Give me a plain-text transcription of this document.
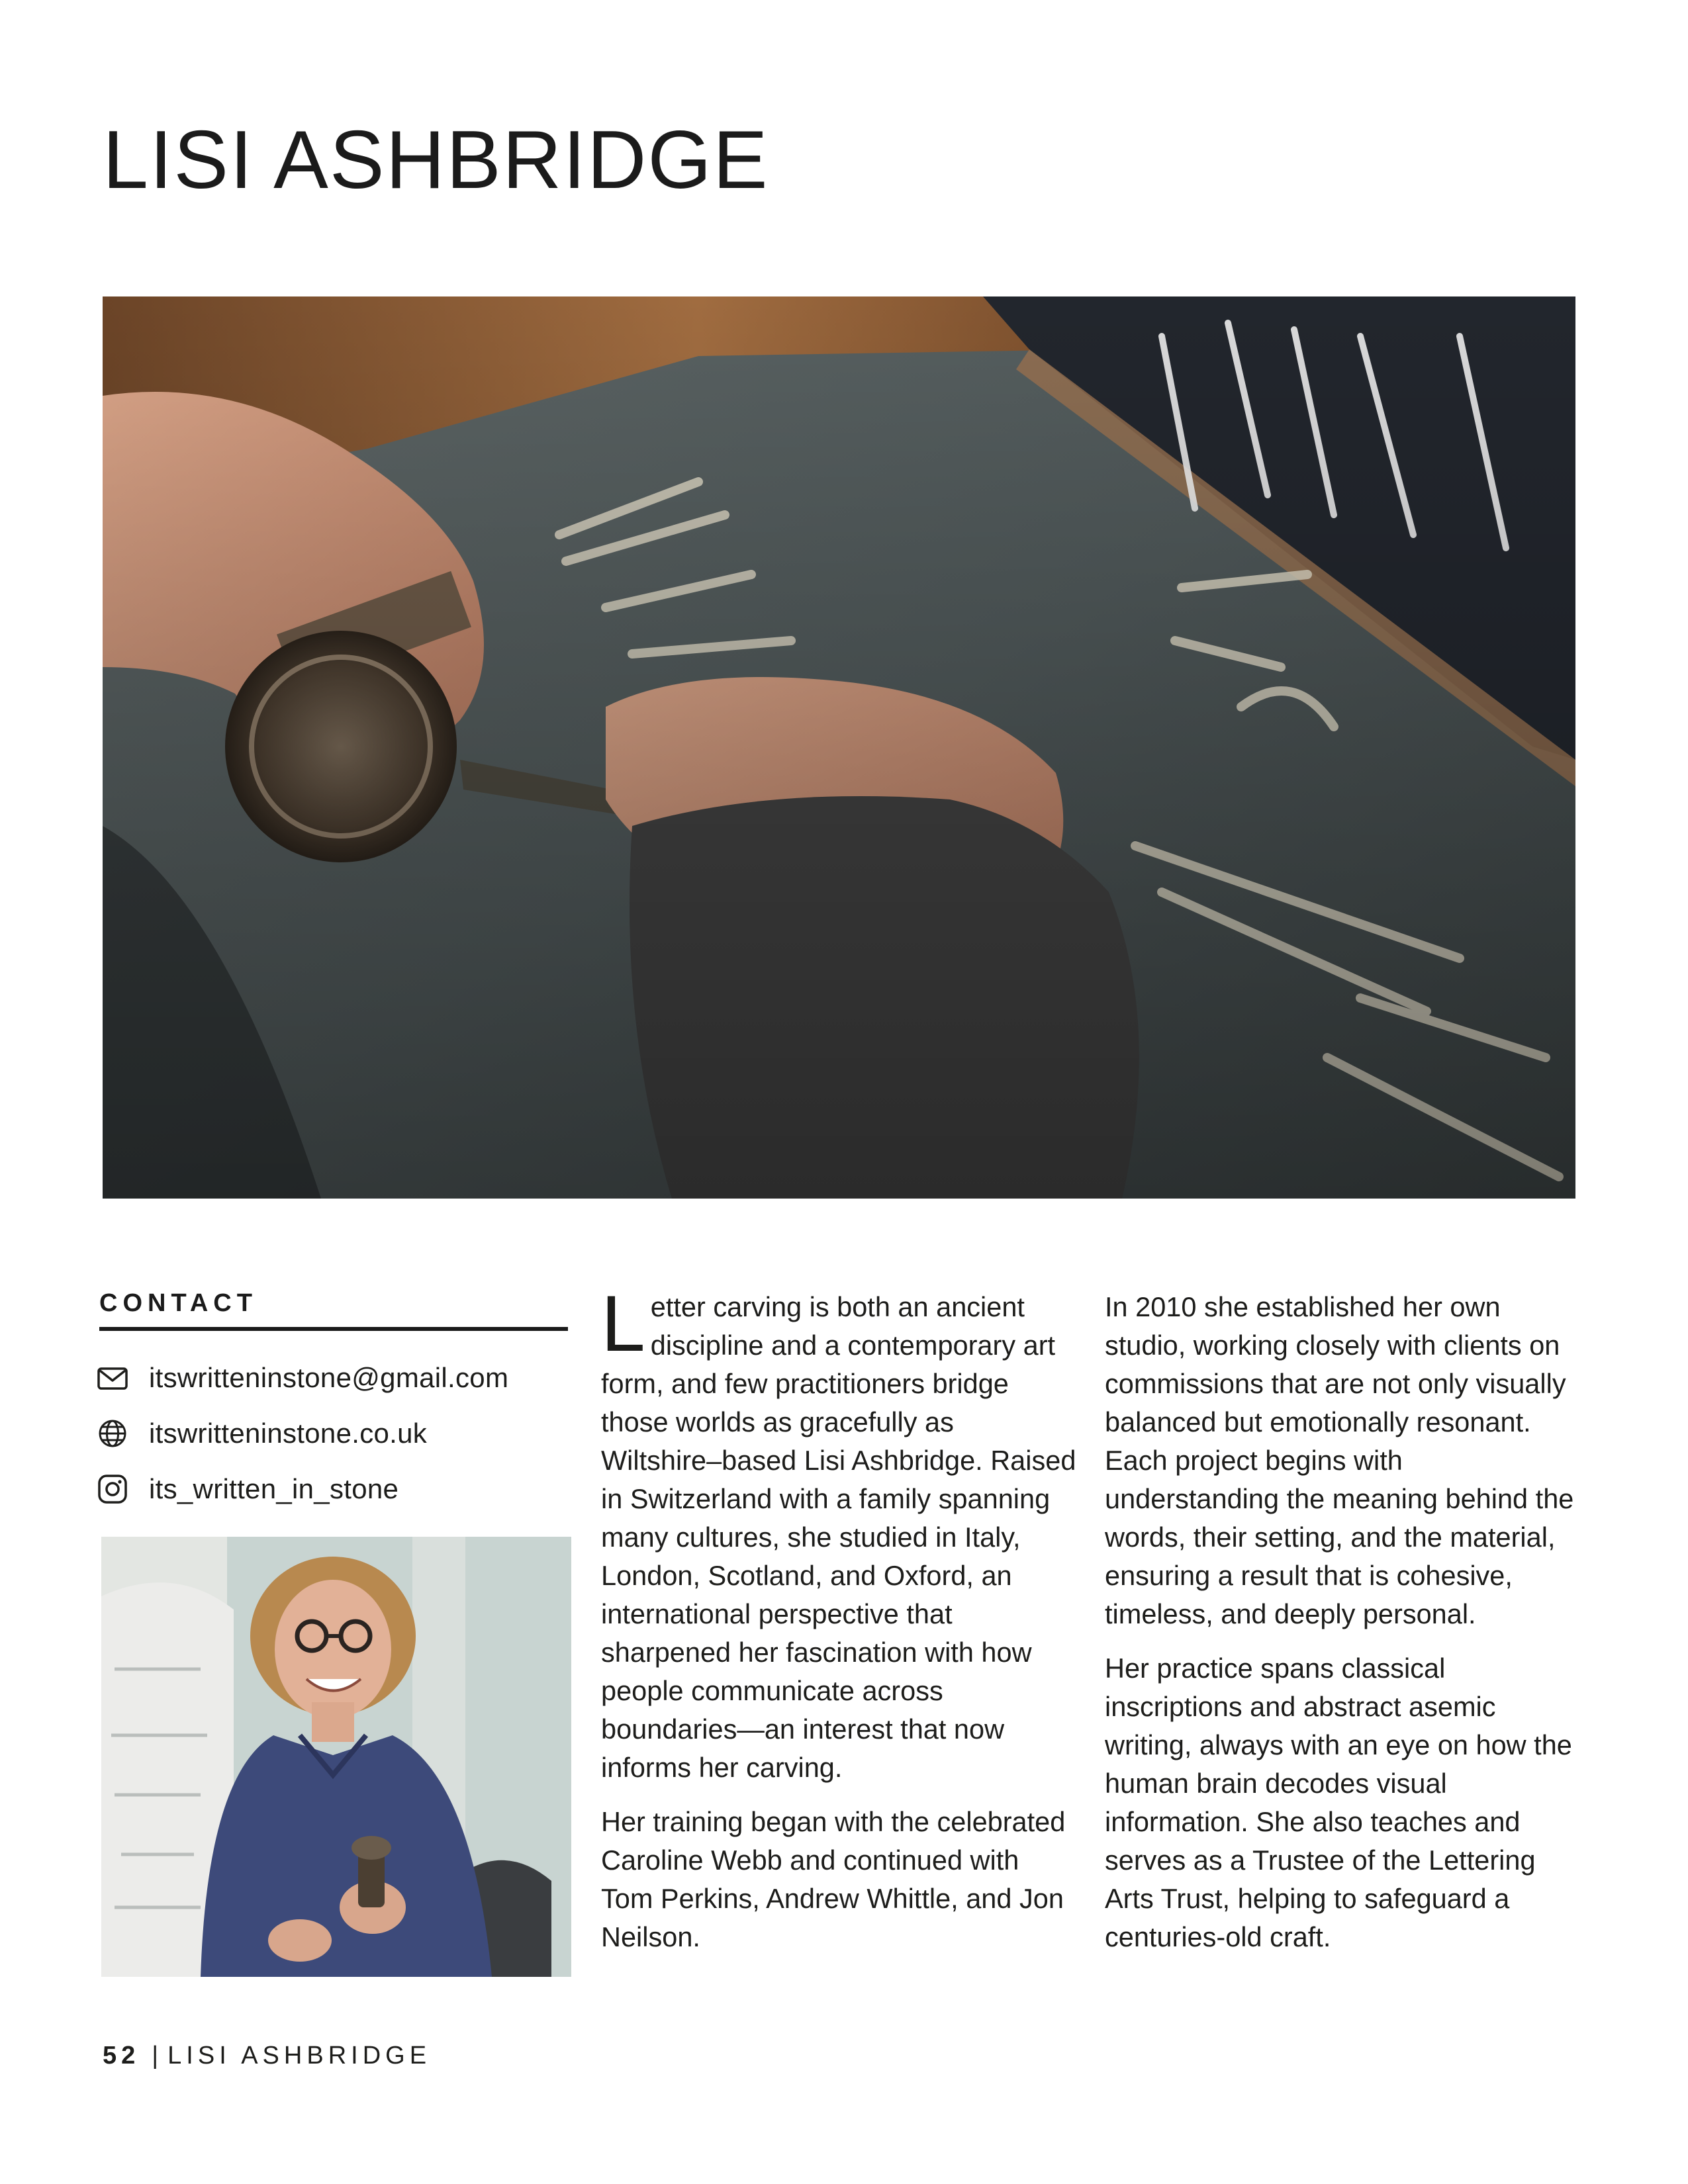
LISI ASHBRIDGE
CONTACT
itswritteninstone@gmail.com
itswritteninstone.co.uk
its_written_in_stone

Letter carving is both an ancient discipline and a contemporary art form, and few practitioners bridge those worlds as gracefully as Wiltshire–based Lisi Ashbridge. Raised in Switzerland with a family spanning many cultures, she studied in Italy, London, Scotland, and Oxford, an international perspective that sharpened her fascination with how people communicate across boundaries—an interest that now informs her carving.

Her training began with the celebrated Caroline Webb and continued with Tom Perkins, Andrew Whittle, and Jon Neilson.

In 2010 she established her own studio, working closely with clients on commissions that are not only visually balanced but emotionally resonant. Each project begins with understanding the meaning behind the words, their setting, and the material, ensuring a result that is cohesive, timeless, and deeply personal.

Her practice spans classical inscriptions and abstract asemic writing, always with an eye on how the human brain decodes visual information. She also teaches and serves as a Trustee of the Lettering Arts Trust, helping to safeguard a centuries-old craft.

52 | LISI ASHBRIDGE
